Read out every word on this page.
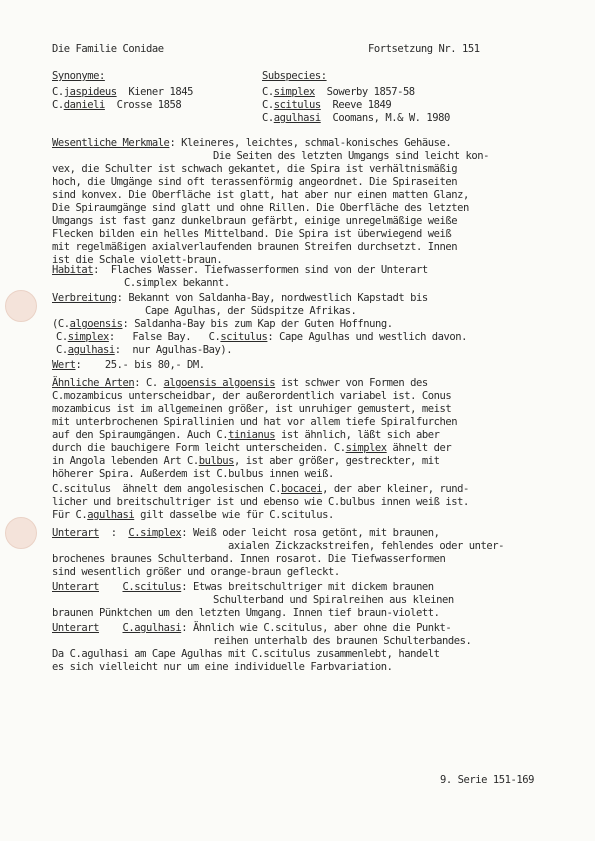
Die Familie Conidae	Fortsetzung Nr. 151
Synonyme:
C.jaspideus Kiener 1845
C.danieli Crosse 1858
Subspecies:
C.simplex Sowerby 1857-58
C.scitulus Reeve 1849
C.agulhasi Coomans, M.& W. 1980
Wesentliche Merkmale: Kleineres, leichtes, schmal-konisches Gehäuse.
Die Seiten des letzten Umgangs sind leicht kon-
vex, die Schulter ist schwach gekantet, die Spira ist verhältnismäßig
hoch, die Umgänge sind oft terassenförmig angeordnet. Die Spiraseiten
sind konvex. Die Oberfläche ist glatt, hat aber nur einen matten Glanz,
Die Spiraumgänge sind glatt und ohne Rillen. Die Oberfläche des letzten
Umgangs ist fast ganz dunkelbraun gefärbt, einige unregelmäßige weiße
Flecken bilden ein helles Mittelband. Die Spira ist überwiegend weiß
mit regelmäßigen axialverlaufenden braunen Streifen durchsetzt. Innen
ist die Schale violett-braun.
Habitat:  Flaches Wasser. Tiefwasserformen sind von der Unterart
C.simplex bekannt.
Verbreitung: Bekannt von Saldanha-Bay, nordwestlich Kapstadt bis
Cape Agulhas, der Südspitze Afrikas.
(C.algoensis: Saldanha-Bay bis zum Kap der Guten Hoffnung.
C.simplex:   False Bay.   C.scitulus: Cape Agulhas und westlich davon.
C.agulhasi:  nur Agulhas-Bay).
Wert:    25.- bis 80,- DM.
Ähnliche Arten: C. algoensis algoensis ist schwer von Formen des
C.mozambicus unterscheidbar, der außerordentlich variabel ist. Conus
mozambicus ist im allgemeinen größer, ist unruhiger gemustert, meist
mit unterbrochenen Spirallinien und hat vor allem tiefe Spiralfurchen
auf den Spiraumgängen. Auch C.tinianus ist ähnlich, läßt sich aber
durch die bauchigere Form leicht unterscheiden. C.simplex ähnelt der
in Angola lebenden Art C.bulbus, ist aber größer, gestreckter, mit
höherer Spira. Außerdem ist C.bulbus innen weiß.
C.scitulus  ähnelt dem angolesischen C.bocacei, der aber kleiner, rund-
licher und breitschultriger ist und ebenso wie C.bulbus innen weiß ist.
Für C.agulhasi gilt dasselbe wie für C.scitulus.
Unterart  :  C.simplex: Weiß oder leicht rosa getönt, mit braunen,
axialen Zickzackstreifen, fehlendes oder unter-
brochenes braunes Schulterband. Innen rosarot. Die Tiefwasserformen
sind wesentlich größer und orange-braun gefleckt.
Unterart C.scitulus: Etwas breitschultriger mit dickem braunen
Schulterband und Spiralreihen aus kleinen
braunen Pünktchen um den letzten Umgang. Innen tief braun-violett.
Unterart C.agulhasi: Ähnlich wie C.scitulus, aber ohne die Punkt-
reihen unterhalb des braunen Schulterbandes.
Da C.agulhasi am Cape Agulhas mit C.scitulus zusammenlebt, handelt
es sich vielleicht nur um eine individuelle Farbvariation.
9. Serie 151-169
